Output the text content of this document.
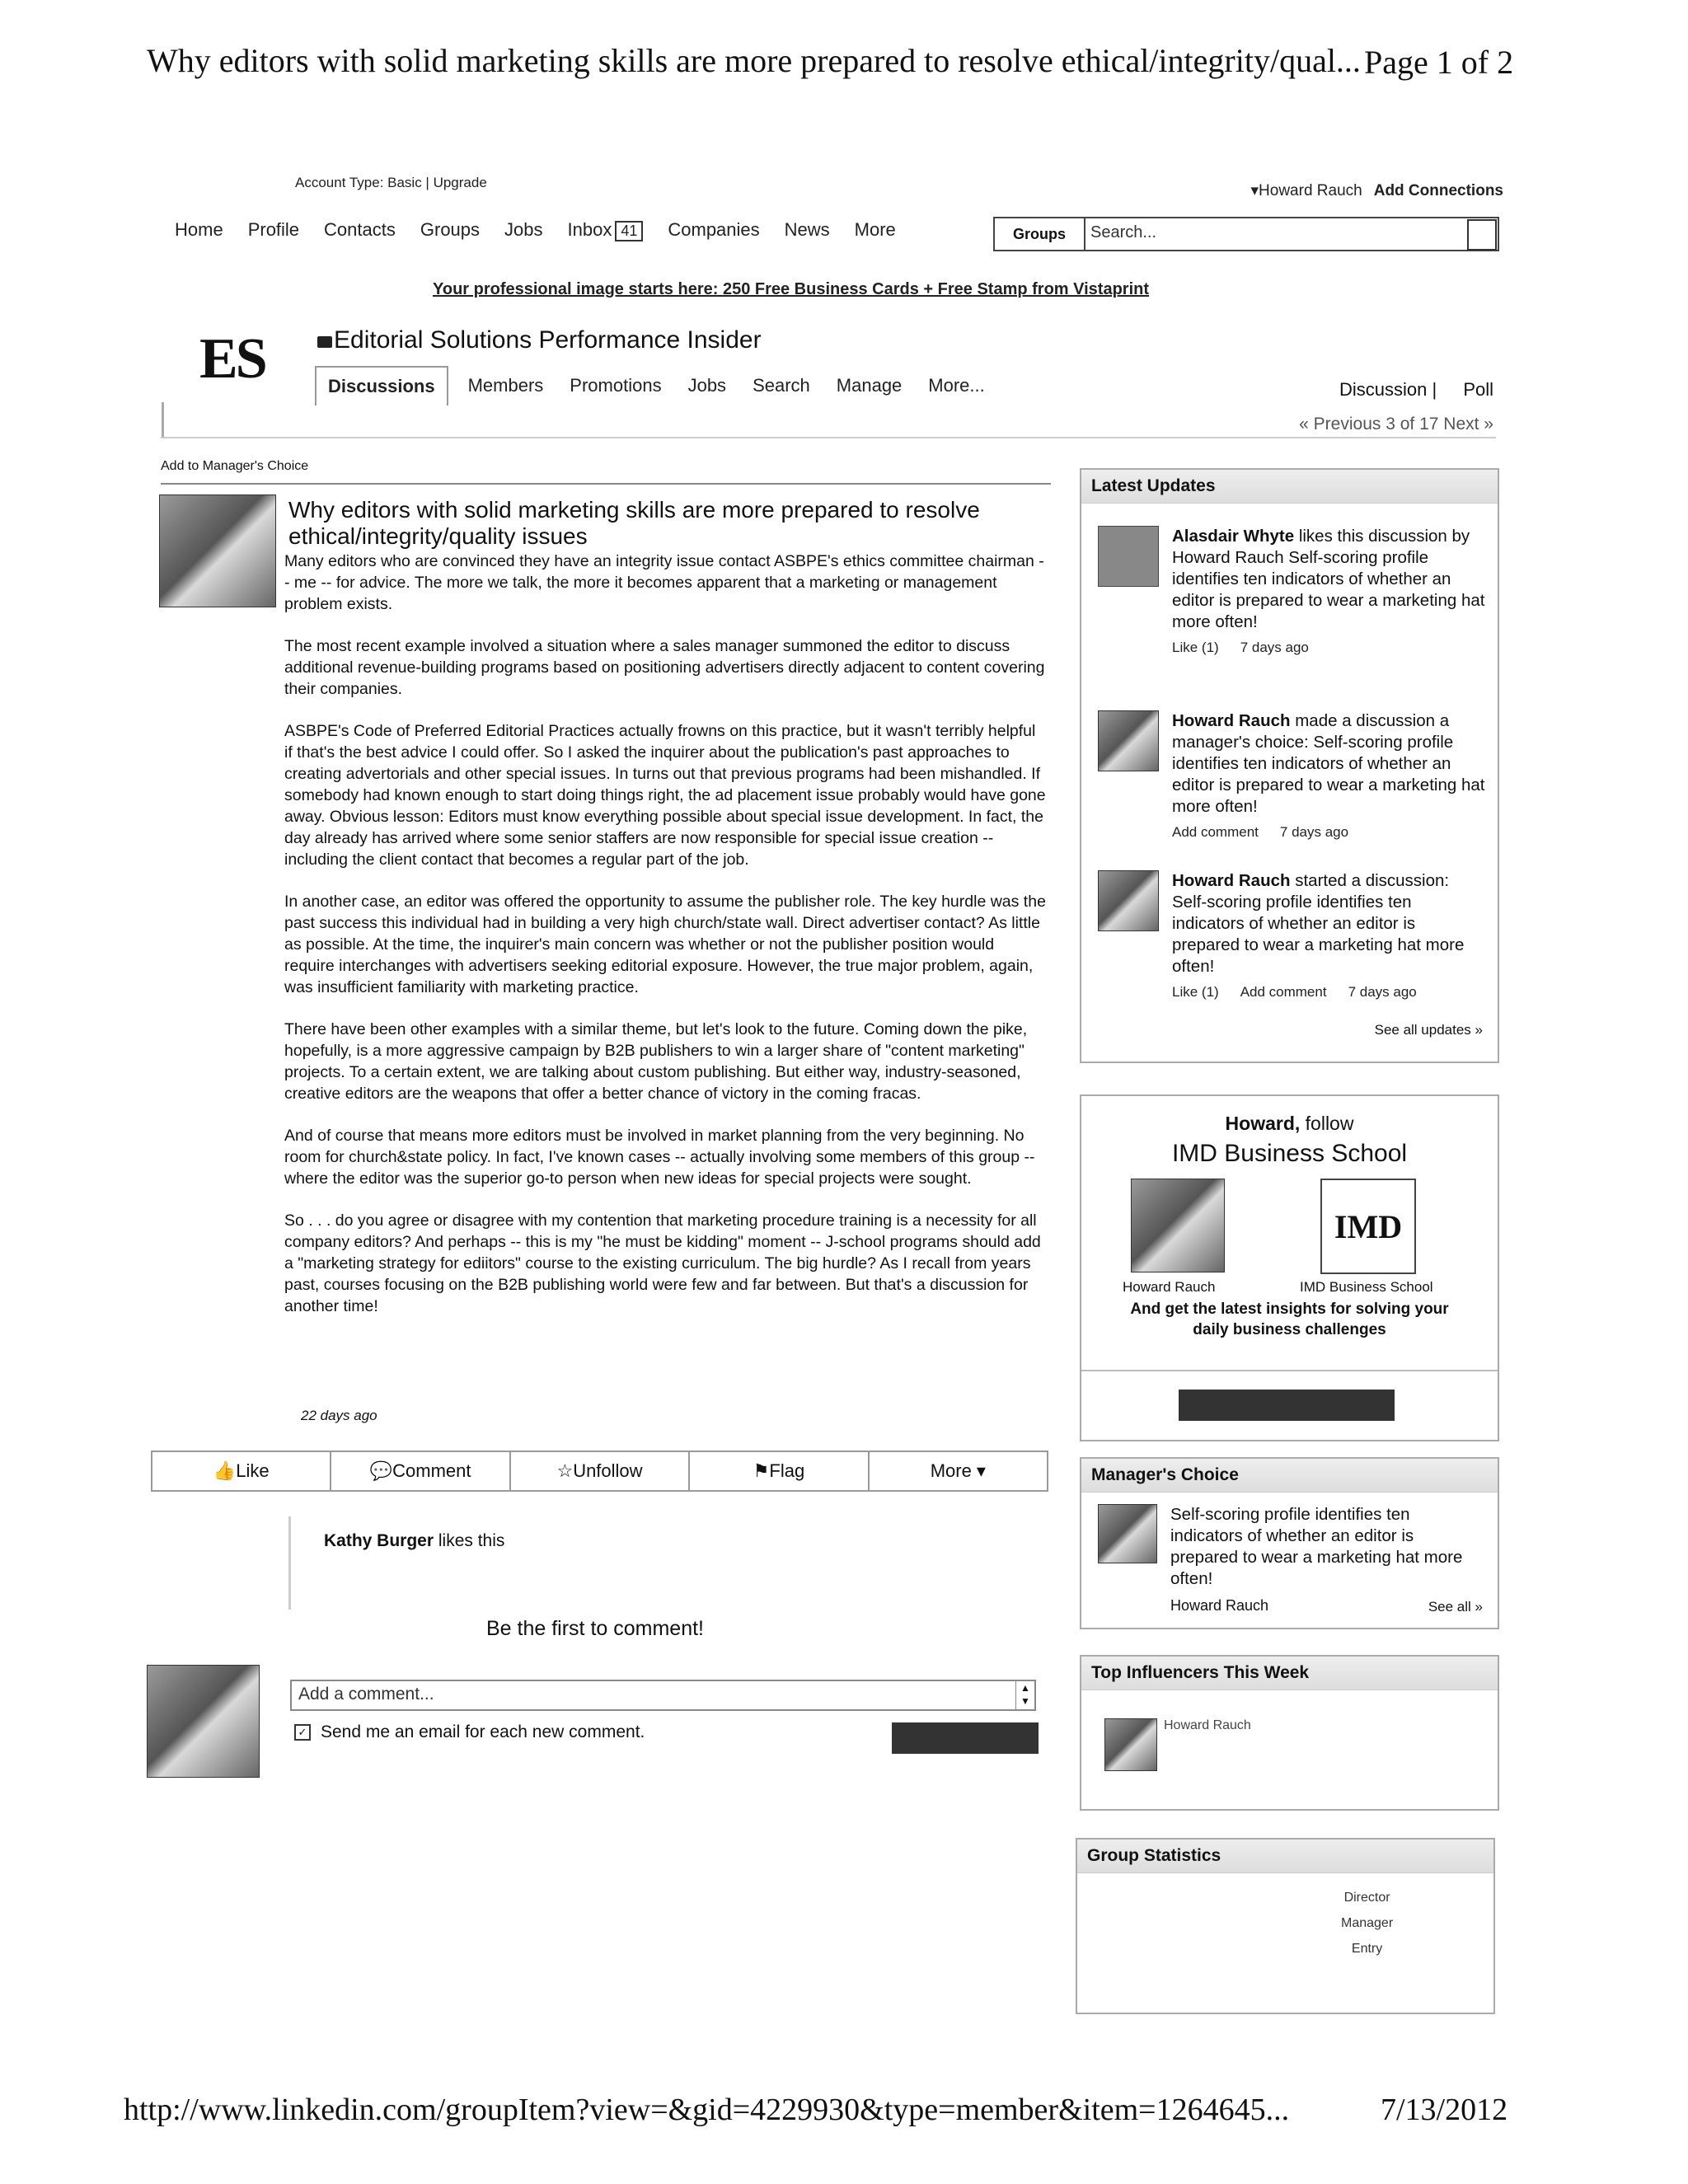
Why editors with solid marketing skills are more prepared to resolve ethical/integrity/qual... Page 1 of 2
http://www.linkedin.com/groupItem?view=&gid=4229930&type=member&item=1264645...	7/13/2012
Account Type: Basic | Upgrade	▾Howard Rauch Add Connections
Home Profile Contacts Groups Jobs Inbox 41	Companies News More	Groups	Search...
Your professional image starts here: 250 Free Business Cards + Free Stamp from Vistaprint
ES	Editorial Solutions Performance Insider
Discussions	Members Promotions Jobs Search Manage More...	Discussion | Poll
« Previous 3 of 17 Next »
Add to Manager's Choice
Why editors with solid marketing skills are more prepared to resolve ethical/integrity/quality issues

Many editors who are convinced they have an integrity issue contact ASBPE's ethics committee chairman -- me -- for advice. The more we talk, the more it becomes apparent that a marketing or management problem exists.

The most recent example involved a situation where a sales manager summoned the editor to discuss additional revenue-building programs based on positioning advertisers directly adjacent to content covering their companies.

ASBPE's Code of Preferred Editorial Practices actually frowns on this practice, but it wasn't terribly helpful if that's the best advice I could offer. So I asked the inquirer about the publication's past approaches to creating advertorials and other special issues. In turns out that previous programs had been mishandled. If somebody had known enough to start doing things right, the ad placement issue probably would have gone away. Obvious lesson: Editors must know everything possible about special issue development. In fact, the day already has arrived where some senior staffers are now responsible for special issue creation -- including the client contact that becomes a regular part of the job.

In another case, an editor was offered the opportunity to assume the publisher role. The key hurdle was the past success this individual had in building a very high church/state wall. Direct advertiser contact? As little as possible. At the time, the inquirer's main concern was whether or not the publisher position would require interchanges with advertisers seeking editorial exposure. However, the true major problem, again, was insufficient familiarity with marketing practice.

There have been other examples with a similar theme, but let's look to the future. Coming down the pike, hopefully, is a more aggressive campaign by B2B publishers to win a larger share of "content marketing" projects. To a certain extent, we are talking about custom publishing. But either way, industry-seasoned, creative editors are the weapons that offer a better chance of victory in the coming fracas.

And of course that means more editors must be involved in market planning from the very beginning. No room for church&state policy. In fact, I've known cases -- actually involving some members of this group -- where the editor was the superior go-to person when new ideas for special projects were sought.

So . . . do you agree or disagree with my contention that marketing procedure training is a necessity for all company editors? And perhaps -- this is my "he must be kidding" moment -- J-school programs should add a "marketing strategy for ediitors" course to the existing curriculum. The big hurdle? As I recall from years past, courses focusing on the B2B publishing world were few and far between. But that's a discussion for another time!

22 days ago
👍 Like	💬 Comment	☆ Unfollow	⚑ Flag	More ▾
Kathy Burger likes this
Be the first to comment!
Add a comment...	▲
▼
✓ Send me an email for each new comment.
Latest Updates
Alasdair Whyte likes this discussion by Howard Rauch Self-scoring profile identifies ten indicators of whether an editor is prepared to wear a marketing hat more often!
Like (1) 7 days ago
Howard Rauch made a discussion a manager's choice: Self-scoring profile identifies ten indicators of whether an editor is prepared to wear a marketing hat more often!
Add comment 7 days ago
Howard Rauch started a discussion: Self-scoring profile identifies ten indicators of whether an editor is prepared to wear a marketing hat more often!
Like (1) Add comment 7 days ago
See all updates »
Howard, follow
IMD Business School
IMD
Howard Rauch	IMD Business School
And get the latest insights for solving your daily business challenges
Manager's Choice
Self-scoring profile identifies ten indicators of whether an editor is prepared to wear a marketing hat more often!
Howard Rauch	See all »
Top Influencers This Week
Howard Rauch
Group Statistics
Director
Manager
Entry
